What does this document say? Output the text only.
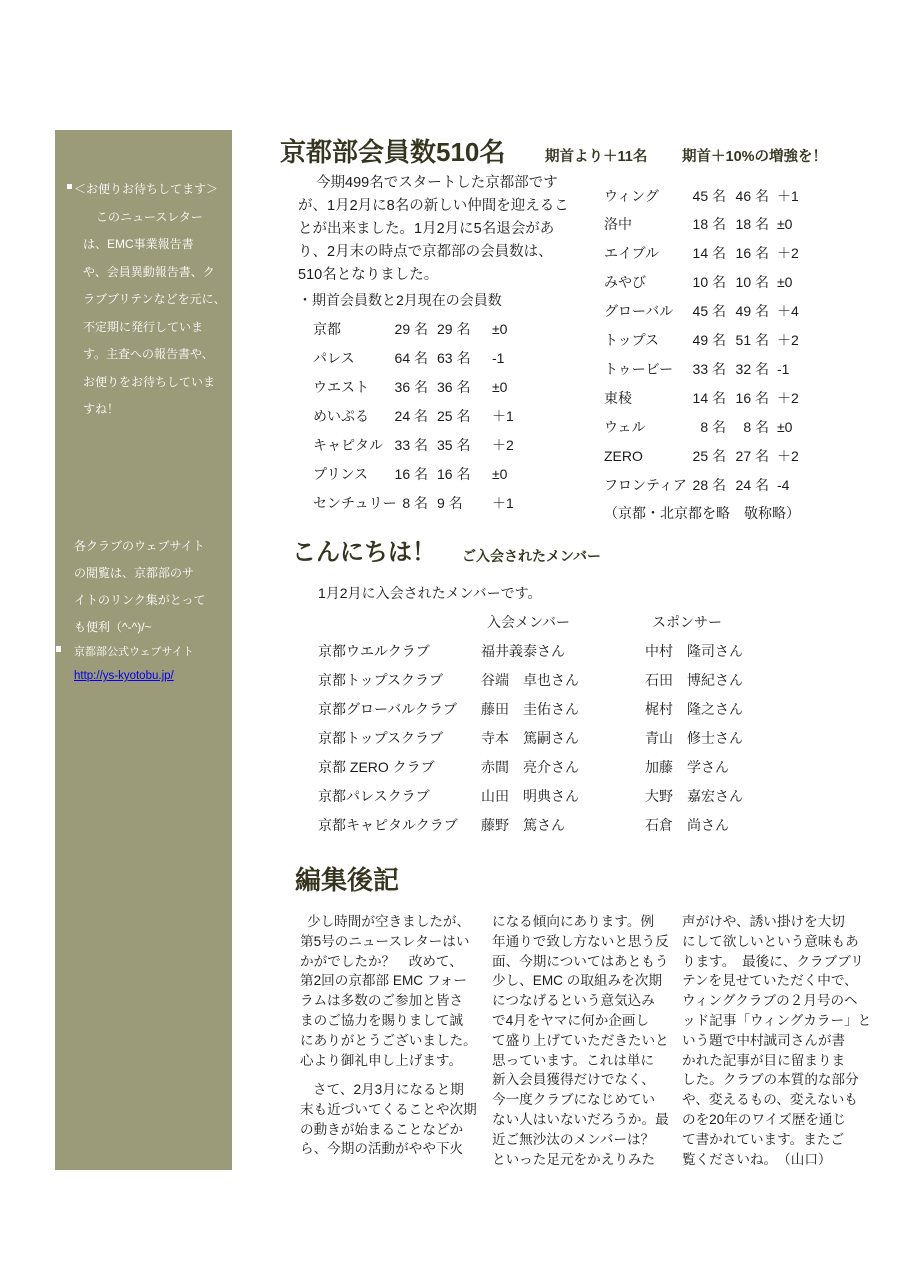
＜お便りお待ちしてます＞
このニュースレター
は、EMC事業報告書
や、会員異動報告書、ク
ラブブリテンなどを元に、
不定期に発行していま
す。主査への報告書や、
お便りをお待ちしていま
すね！
各クラブのウェブサイト
の閲覧は、京都部のサ
イトのリンク集がとって
も便利（^-^)/~
京都部公式ウェブサイト
http://ys-kyotobu.jp/
京都部会員数510名	期首より＋11名 期首＋10%の増強を！
今期499名でスタートした京都部です
が、1月2月に8名の新しい仲間を迎えるこ
とが出来ました。1月2月に5名退会があ
り、2月末の時点で京都部の会員数は、
510名となりました。
・期首会員数と2月現在の会員数
京都	29 名 29 名	±0
パレス	64 名 63 名	-1
ウエスト	36 名 36 名	±0
めいぷる	24 名 25 名	＋1
キャピタル 33 名 35 名	＋2
プリンス	16 名 16 名	±0
センチュリー 8 名 9 名	＋1
ウィング	45 名 46 名 ＋1
洛中	18 名 18 名 ±0
エイブル	14 名 16 名 ＋2
みやび	10 名 10 名 ±0
グローバル	45 名 49 名 ＋4
トップス	49 名 51 名 ＋2
トゥービー	33 名 32 名 -1
東稜	14 名 16 名 ＋2
ウェル	8 名	8 名 ±0
ZERO	25 名 27 名 ＋2
フロンティア 28 名 24 名 -4
（京都・北京都を略　敬称略）
こんにちは！ ご入会されたメンバー
1月2月に入会されたメンバーです。
入会メンバー	スポンサー
京都ウエルクラブ	福井義泰さん	中村　隆司さん
京都トップスクラブ	谷端　卓也さん	石田　博紀さん
京都グローバルクラブ	藤田　圭佑さん	梶村　隆之さん
京都トップスクラブ	寺本　篤嗣さん	青山　修士さん
京都 ZERO クラブ	赤間　亮介さん	加藤　学さん
京都パレスクラブ	山田　明典さん	大野　嘉宏さん
京都キャピタルクラブ	藤野　篤さん	石倉　尚さん
編集後記
少し時間が空きましたが、
第5号のニュースレターはい
かがでしたか？　改めて、
第2回の京都部 EMC フォー
ラムは多数のご参加と皆さ
まのご協力を賜りまして誠
にありがとうございました。
心より御礼申し上げます。
さて、2月3月になると期
末も近づいてくることや次期
の動きが始まることなどか
ら、今期の活動がやや下火
になる傾向にあります。例
年通りで致し方ないと思う反
面、今期についてはあともう
少し、EMC の取組みを次期
につなげるという意気込み
で4月をヤマに何か企画し
て盛り上げていただきたいと
思っています。これは単に
新入会員獲得だけでなく、
今一度クラブになじめてい
ない人はいないだろうか。最
近ご無沙汰のメンバーは？
といった足元をかえりみた
声がけや、誘い掛けを大切
にして欲しいという意味もあ
ります。　最後に、クラブブリ
テンを見せていただく中で、
ウィングクラブの２月号のヘ
ッド記事「ウィングカラー」と
いう題で中村誠司さんが書
かれた記事が目に留まりま
した。クラブの本質的な部分
や、変えるもの、変えないも
のを20年のワイズ歴を通じ
て書かれています。またご
覧くださいね。　（山口）
